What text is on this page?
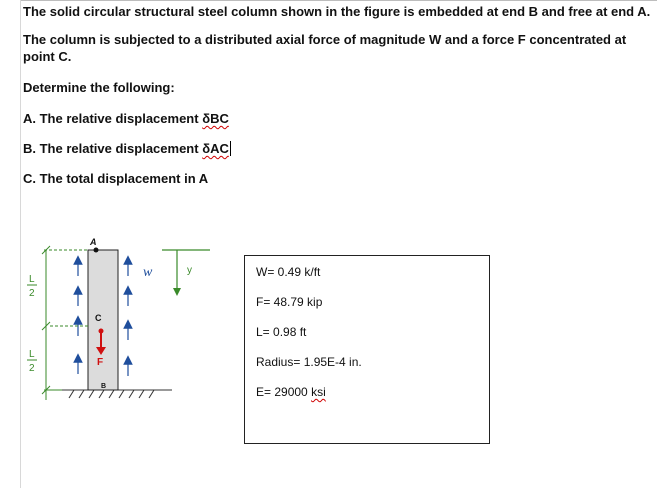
The solid circular structural steel column shown in the figure is embedded at end B and free at end A.
The column is subjected to a distributed axial force of magnitude W and a force F concentrated at
point C.
Determine the following:
A. The relative displacement δBC
B. The relative displacement δAC
C. The total displacement in A
A
C
B
F
w	y
L
2
L
2
W= 0.49 k/ft
F= 48.79 kip
L= 0.98 ft
Radius= 1.95E-4 in.
E= 29000 ksi
